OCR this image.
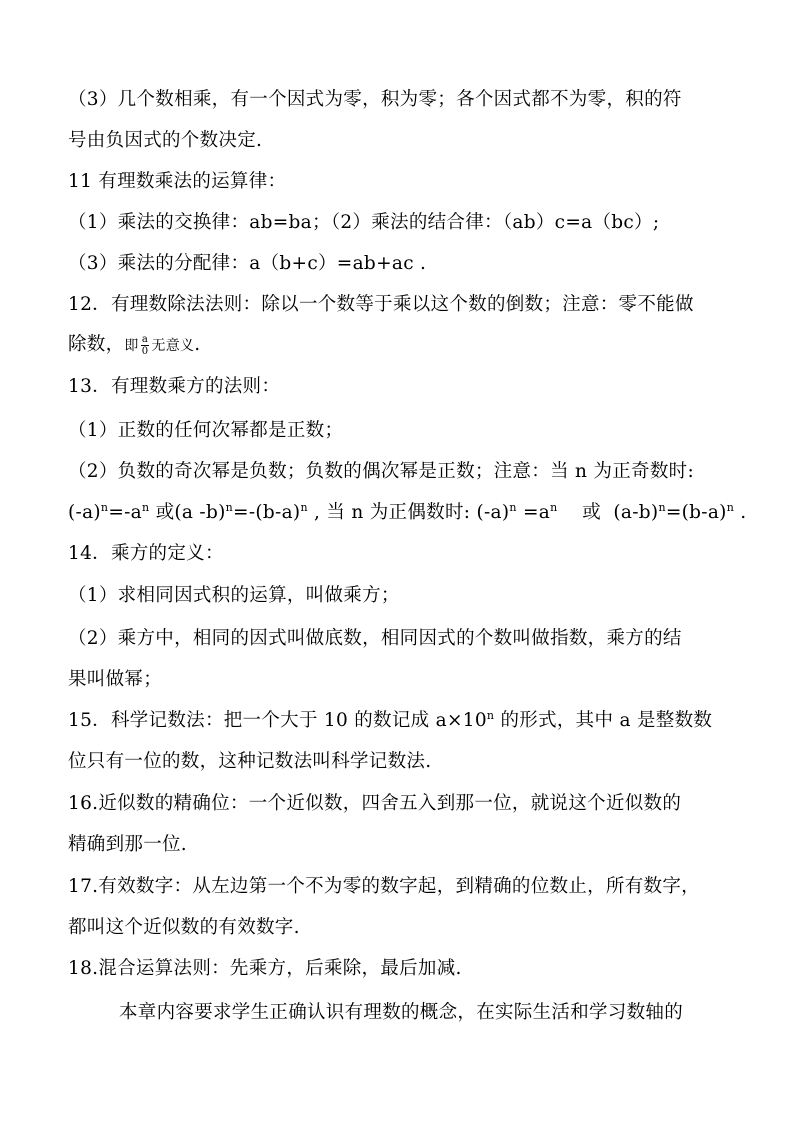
（3）几个数相乘，有一个因式为零，积为零；各个因式都不为零，积的符
号由负因式的个数决定.
11 有理数乘法的运算律：
（1）乘法的交换律：ab=ba；（2）乘法的结合律：（ab）c=a（bc）;
（3）乘法的分配律：a（b+c）=ab+ac .
12．有理数除法法则：除以一个数等于乘以这个数的倒数；注意：零不能做
除数，即 $\frac{a}{0}$ 无意义.
13．有理数乘方的法则：
（1）正数的任何次幂都是正数；
（2）负数的奇次幂是负数；负数的偶次幂是正数；注意：当 n 为正奇数时:
$(-a)^n=-a^n$ 或(a $-b)^n=-(b-a)^n$ , 当 n 为正偶数时: $(-a)^n =a^n$    或  $(a-b)^n=(b-a)^n$ .
14．乘方的定义：
（1）求相同因式积的运算，叫做乘方；
（2）乘方中，相同的因式叫做底数，相同因式的个数叫做指数，乘方的结
果叫做幂；
15．科学记数法：把一个大于 10 的数记成 $a\times 10^n$ 的形式，其中 a 是整数数
位只有一位的数，这种记数法叫科学记数法.
16.近似数的精确位：一个近似数，四舍五入到那一位，就说这个近似数的
精确到那一位.
17.有效数字：从左边第一个不为零的数字起，到精确的位数止，所有数字，
都叫这个近似数的有效数字.
18.混合运算法则：先乘方，后乘除，最后加减.
本章内容要求学生正确认识有理数的概念，在实际生活和学习数轴的
